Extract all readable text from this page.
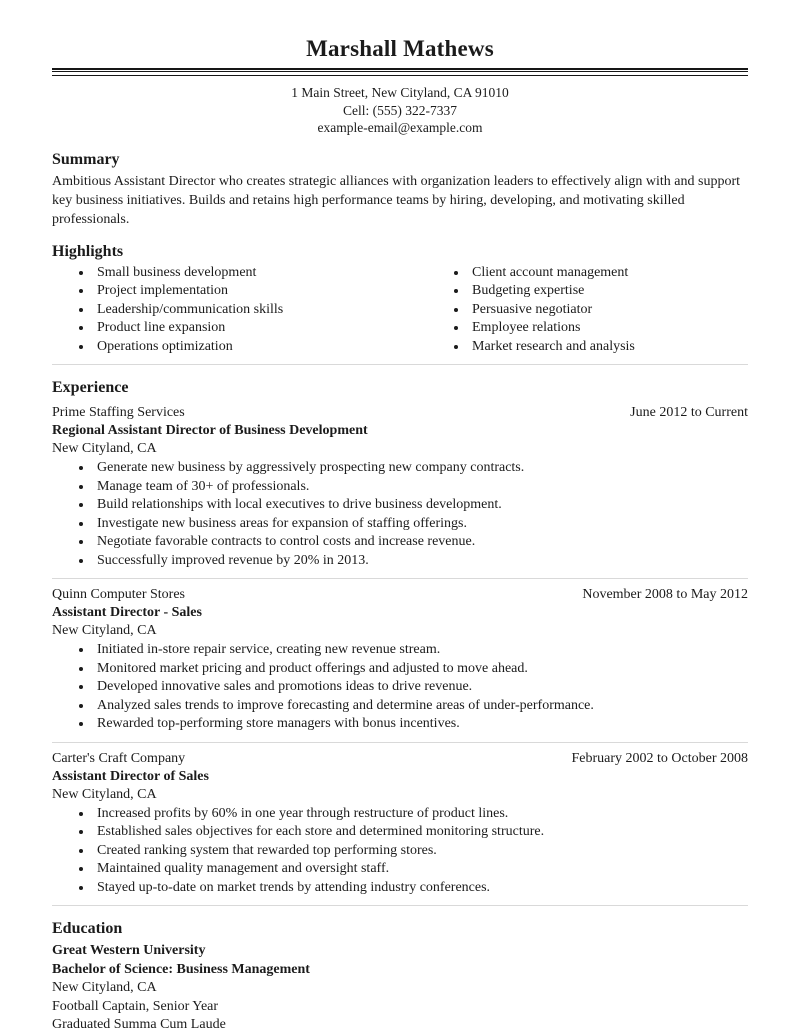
Marshall Mathews
1 Main Street, New Cityland, CA 91010
Cell: (555) 322-7337
example-email@example.com
Summary

Ambitious Assistant Director who creates strategic alliances with organization leaders to effectively align with and support key business initiatives. Builds and retains high performance teams by hiring, developing, and motivating skilled professionals.

Highlights
• Small business development
• Project implementation
• Leadership/communication skills
• Product line expansion
• Operations optimization
• Client account management
• Budgeting expertise
• Persuasive negotiator
• Employee relations
• Market research and analysis
Experience
Prime Staffing Services	June 2012 to Current
Regional Assistant Director of Business Development
New Cityland, CA
• Generate new business by aggressively prospecting new company contracts.
• Manage team of 30+ of professionals.
• Build relationships with local executives to drive business development.
• Investigate new business areas for expansion of staffing offerings.
• Negotiate favorable contracts to control costs and increase revenue.
• Successfully improved revenue by 20% in 2013.
Quinn Computer Stores	November 2008 to May 2012
Assistant Director - Sales
New Cityland, CA
• Initiated in-store repair service, creating new revenue stream.
• Monitored market pricing and product offerings and adjusted to move ahead.
• Developed innovative sales and promotions ideas to drive revenue.
• Analyzed sales trends to improve forecasting and determine areas of under-performance.
• Rewarded top-performing store managers with bonus incentives.
Carter's Craft Company	February 2002 to October 2008
Assistant Director of Sales
New Cityland, CA
• Increased profits by 60% in one year through restructure of product lines.
• Established sales objectives for each store and determined monitoring structure.
• Created ranking system that rewarded top performing stores.
• Maintained quality management and oversight staff.
• Stayed up-to-date on market trends by attending industry conferences.
Education
Great Western University
Bachelor of Science: Business Management
New Cityland, CA
Football Captain, Senior Year
Graduated Summa Cum Laude
